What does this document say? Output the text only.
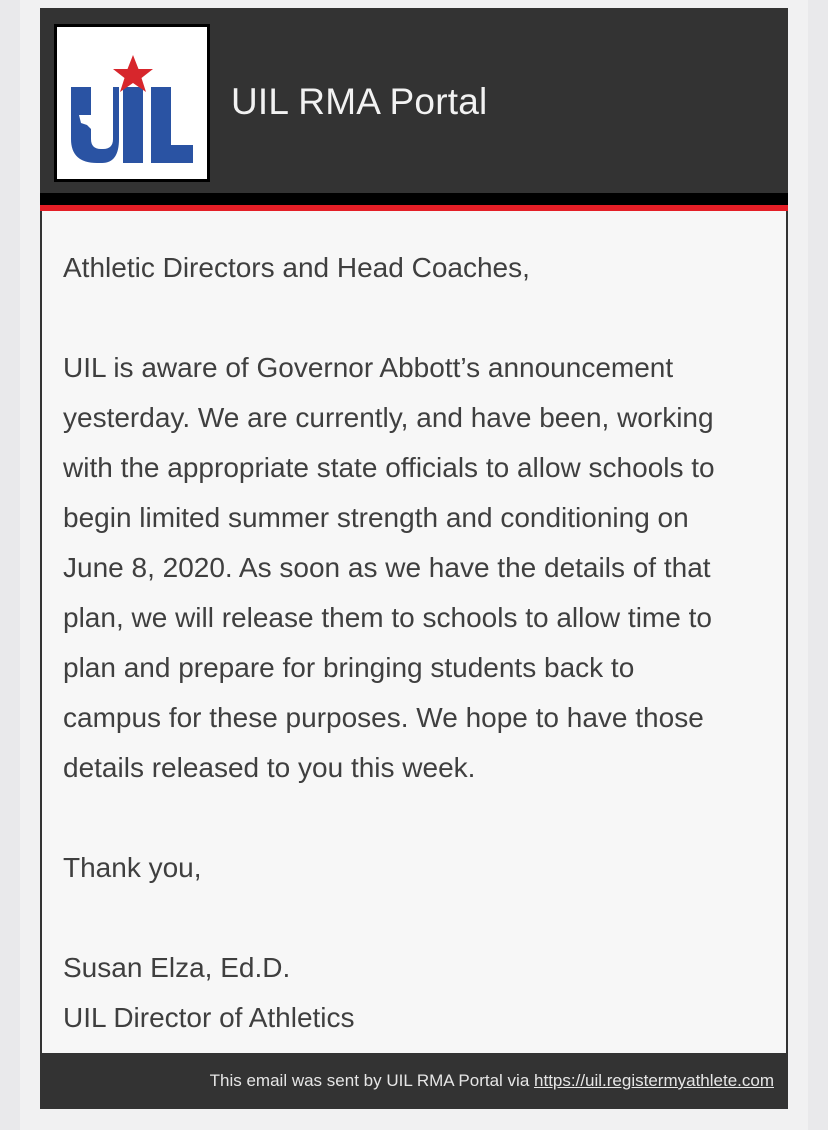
UIL
UIL RMA Portal

Athletic Directors and Head Coaches,

UIL is aware of Governor Abbott’s announcement
yesterday. We are currently, and have been, working
with the appropriate state officials to allow schools to
begin limited summer strength and conditioning on
June 8, 2020. As soon as we have the details of that
plan, we will release them to schools to allow time to
plan and prepare for bringing students back to
campus for these purposes. We hope to have those
details released to you this week.

Thank you,

Susan Elza, Ed.D.
UIL Director of Athletics

This email was sent by UIL RMA Portal via https://uil.registermyathlete.com
